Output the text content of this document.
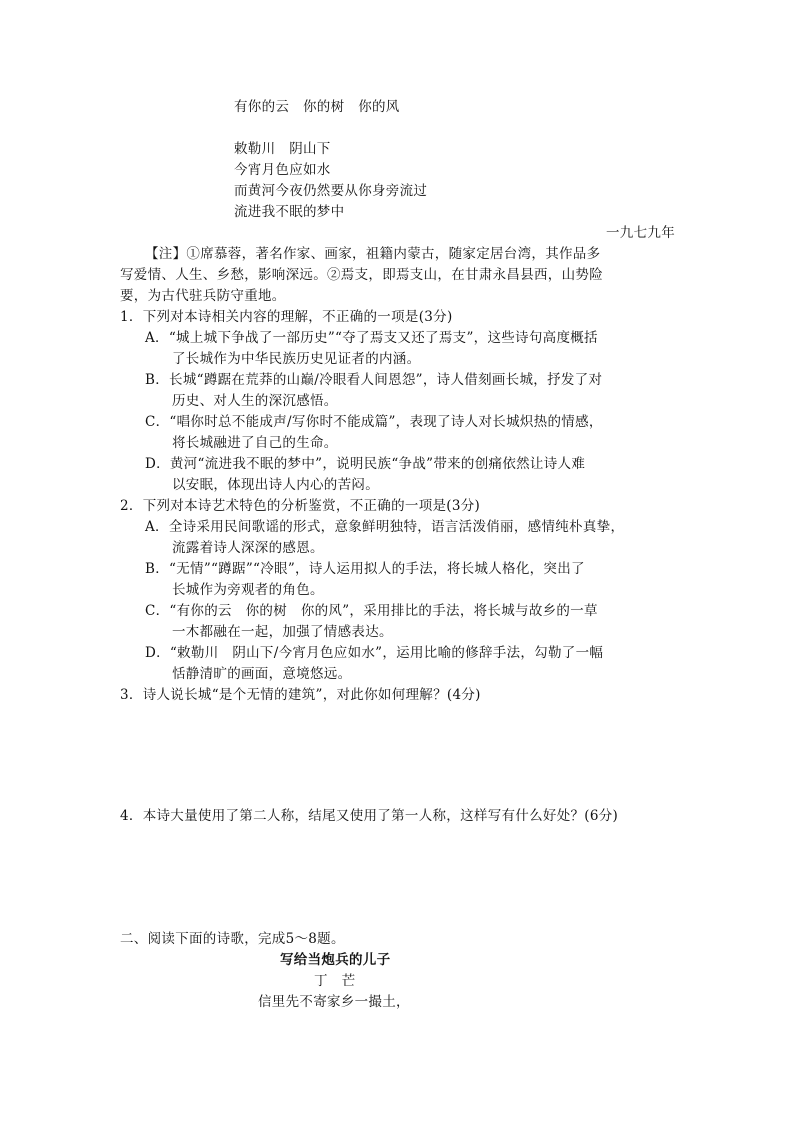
有你的云　你的树　你的风
敕勒川　阴山下
今宵月色应如水
而黄河今夜仍然要从你身旁流过
流进我不眠的梦中
一九七九年
【注】①席慕蓉，著名作家、画家，祖籍内蒙古，随家定居台湾，其作品多
写爱情、人生、乡愁，影响深远。②焉支，即焉支山，在甘肃永昌县西，山势险
要，为古代驻兵防守重地。
1．下列对本诗相关内容的理解，不正确的一项是(3分)
A．“城上城下争战了一部历史”“夺了焉支又还了焉支”，这些诗句高度概括
了长城作为中华民族历史见证者的内涵。
B．长城“蹲踞在荒莽的山巅/冷眼看人间恩怨”，诗人借刻画长城，抒发了对
历史、对人生的深沉感悟。
C．“唱你时总不能成声/写你时不能成篇”，表现了诗人对长城炽热的情感，
将长城融进了自己的生命。
D．黄河“流进我不眠的梦中”，说明民族“争战”带来的创痛依然让诗人难
以安眠，体现出诗人内心的苦闷。
2．下列对本诗艺术特色的分析鉴赏，不正确的一项是(3分)
A．全诗采用民间歌谣的形式，意象鲜明独特，语言活泼俏丽，感情纯朴真挚，
流露着诗人深深的感恩。
B．“无情”“蹲踞”“冷眼”，诗人运用拟人的手法，将长城人格化，突出了
长城作为旁观者的角色。
C．“有你的云　你的树　你的风”，采用排比的手法，将长城与故乡的一草
一木都融在一起，加强了情感表达。
D．“敕勒川　阴山下/今宵月色应如水”，运用比喻的修辞手法，勾勒了一幅
恬静清旷的画面，意境悠远。
3．诗人说长城“是个无情的建筑”，对此你如何理解？(4分)
4．本诗大量使用了第二人称，结尾又使用了第一人称，这样写有什么好处？(6分)
二、阅读下面的诗歌，完成5～8题。
写给当炮兵的儿子
丁　芒
信里先不寄家乡一撮土，
